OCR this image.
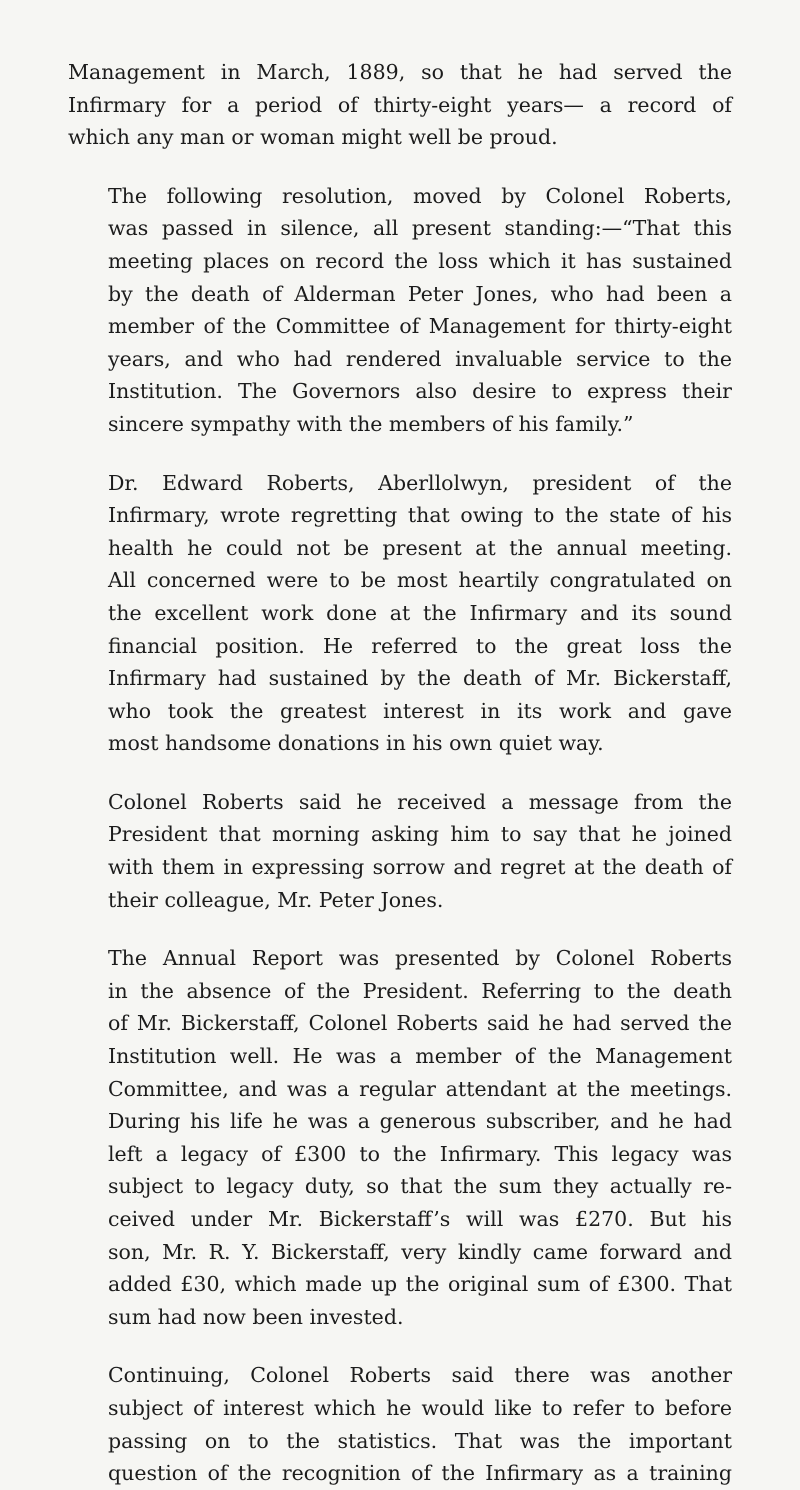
Management in March, 1889, so that he had served the
Infirmary for a period of thirty-eight years— a record of
which any man or woman might well be proud.

The following resolution, moved by Colonel Roberts,
was passed in silence, all present standing:—“That this
meeting places on record the loss which it has sustained
by the death of Alderman Peter Jones, who had been a
member of the Committee of Management for thirty-eight
years, and who had rendered invaluable service to the
Institution. The Governors also desire to express their
sincere sympathy with the members of his family.”

Dr. Edward Roberts, Aberllolwyn, president of the
Infirmary, wrote regretting that owing to the state of his
health he could not be present at the annual meeting.
All concerned were to be most heartily congratulated on
the excellent work done at the Infirmary and its sound
financial position. He referred to the great loss the
Infirmary had sustained by the death of Mr. Bickerstaff,
who took the greatest interest in its work and gave
most handsome donations in his own quiet way.

Colonel Roberts said he received a message from the
President that morning asking him to say that he joined
with them in expressing sorrow and regret at the death of
their colleague, Mr. Peter Jones.

The Annual Report was presented by Colonel Roberts
in the absence of the President. Referring to the death
of Mr. Bickerstaff, Colonel Roberts said he had served the
Institution well. He was a member of the Management
Committee, and was a regular attendant at the meetings.
During his life he was a generous subscriber, and he had
left a legacy of £300 to the Infirmary. This legacy was
subject to legacy duty, so that the sum they actually re-
ceived under Mr. Bickerstaff’s will was £270. But his
son, Mr. R. Y. Bickerstaff, very kindly came forward and
added £30, which made up the original sum of £300. That
sum had now been invested.

Continuing, Colonel Roberts said there was another
subject of interest which he would like to refer to before
passing on to the statistics. That was the important
question of the recognition of the Infirmary as a training
